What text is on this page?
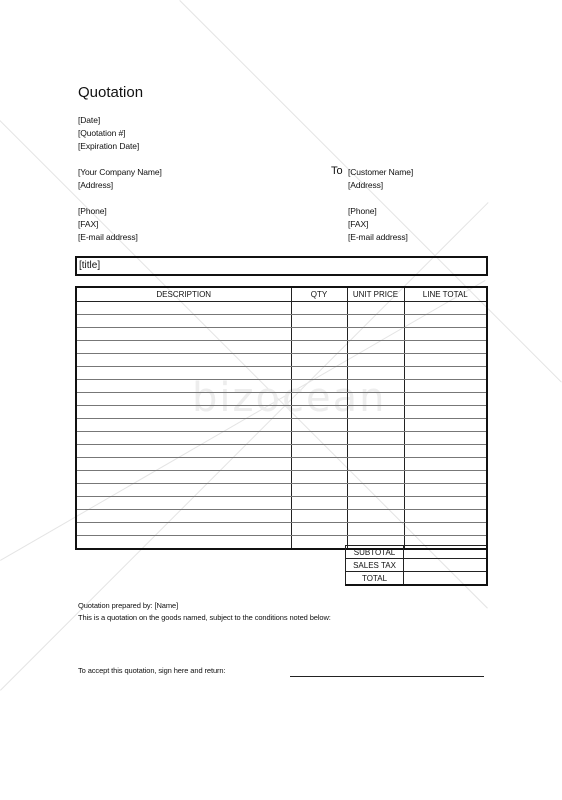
bizocean
Quotation
[Date]
[Quotation #]
[Expiration Date]
[Your Company Name]
[Address]
[Phone]
[FAX]
[E-mail address]
To [Customer Name]
[Address]
[Phone]
[FAX]
[E-mail address]
[title]
DESCRIPTION	QTY	UNIT PRICE	LINE TOTAL

SUBTOTAL	
SALES TAX	
TOTAL	
Quotation prepared by: [Name]
This is a quotation on the goods named, subject to the conditions noted below:
To accept this quotation, sign here and return:
